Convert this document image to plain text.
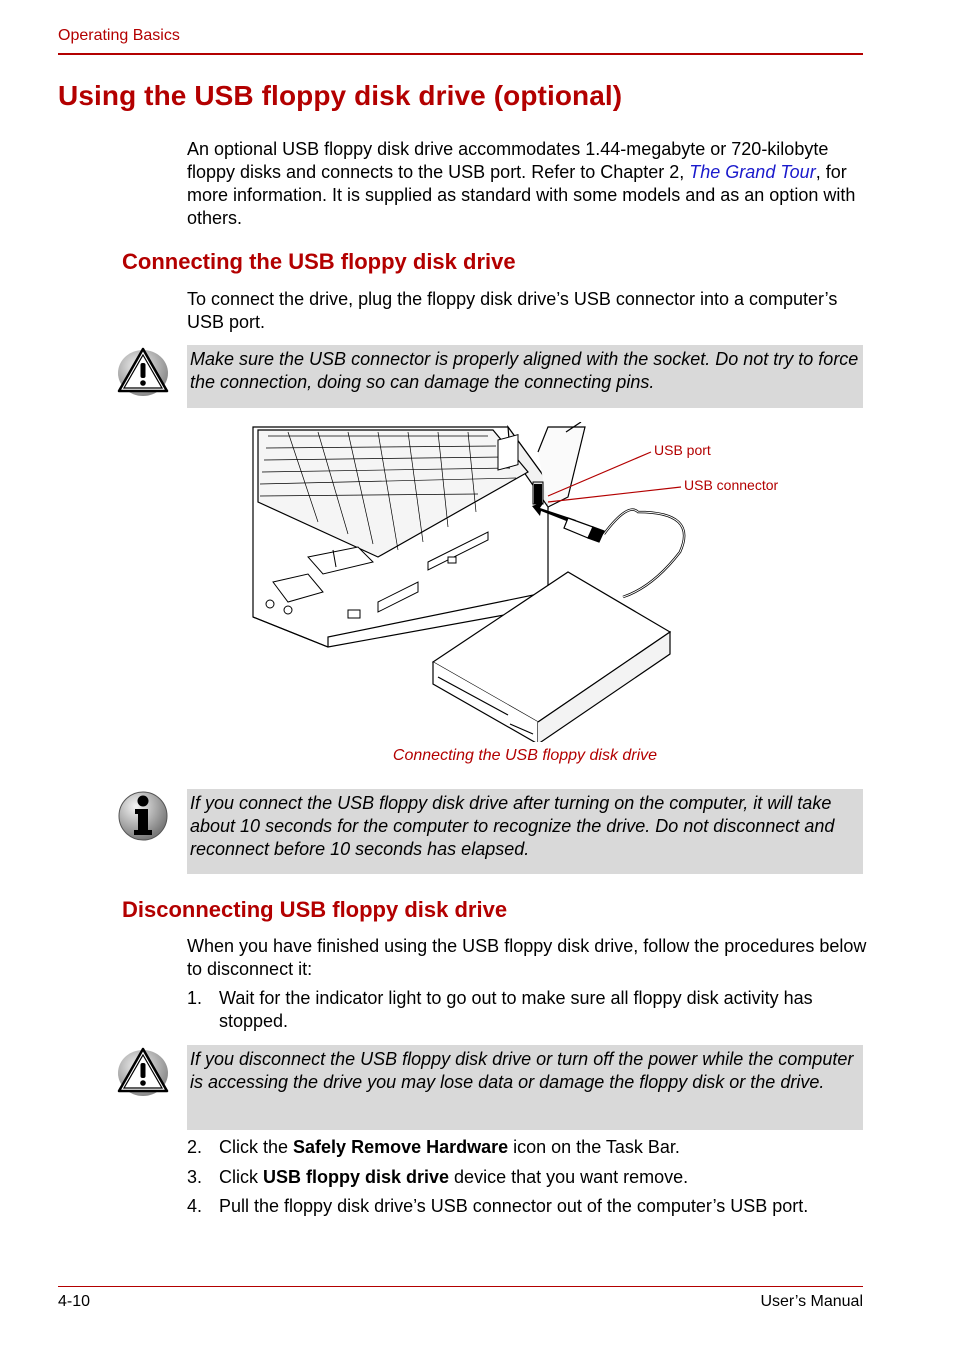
Operating Basics
Using the USB floppy disk drive (optional)

An optional USB floppy disk drive accommodates 1.44-megabyte or 720-kilobyte floppy disks and connects to the USB port. Refer to Chapter 2, The Grand Tour, for more information. It is supplied as standard with some models and as an option with others.

Connecting the USB floppy disk drive

To connect the drive, plug the floppy disk drive’s USB connector into a computer’s USB port.

Make sure the USB connector is properly aligned with the socket. Do not try to force the connection, doing so can damage the connecting pins.
USB port
USB connector
Connecting the USB floppy disk drive
If you connect the USB floppy disk drive after turning on the computer, it will take about 10 seconds for the computer to recognize the drive. Do not disconnect and reconnect before 10 seconds has elapsed.
Disconnecting USB floppy disk drive

When you have finished using the USB floppy disk drive, follow the procedures below to disconnect it:

1. Wait for the indicator light to go out to make sure all floppy disk activity has stopped.
If you disconnect the USB floppy disk drive or turn off the power while the computer is accessing the drive you may lose data or damage the floppy disk or the drive.
2. Click the Safely Remove Hardware icon on the Task Bar.
3. Click USB floppy disk drive device that you want remove.
4. Pull the floppy disk drive’s USB connector out of the computer’s USB port.
4-10	User’s Manual
